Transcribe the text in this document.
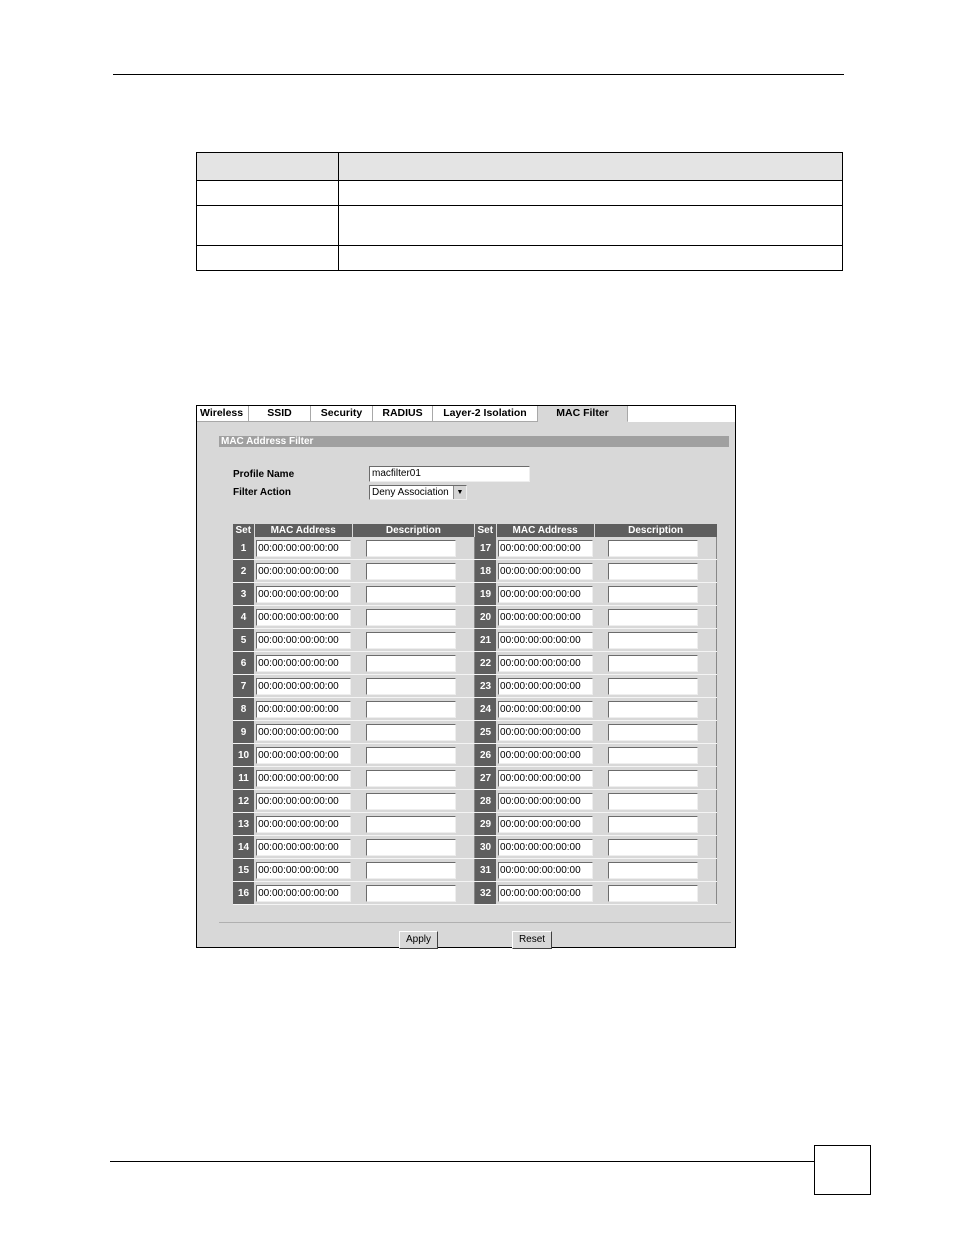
Wireless	SSID	Security	RADIUS	Layer-2 Isolation	MAC Filter
MAC Address Filter
Profile Name	macfilter01
Filter Action	Deny Association	▼
Set	MAC Address	Description	Set	MAC Address	Description
1	00:00:00:00:00:00		17	00:00:00:00:00:00	

2	00:00:00:00:00:00		18	00:00:00:00:00:00	

3	00:00:00:00:00:00		19	00:00:00:00:00:00	

4	00:00:00:00:00:00		20	00:00:00:00:00:00	

5	00:00:00:00:00:00		21	00:00:00:00:00:00	

6	00:00:00:00:00:00		22	00:00:00:00:00:00	

7	00:00:00:00:00:00		23	00:00:00:00:00:00	

8	00:00:00:00:00:00		24	00:00:00:00:00:00	

9	00:00:00:00:00:00		25	00:00:00:00:00:00	

10	00:00:00:00:00:00		26	00:00:00:00:00:00	

11	00:00:00:00:00:00		27	00:00:00:00:00:00	

12	00:00:00:00:00:00		28	00:00:00:00:00:00	

13	00:00:00:00:00:00		29	00:00:00:00:00:00	

14	00:00:00:00:00:00		30	00:00:00:00:00:00	

15	00:00:00:00:00:00		31	00:00:00:00:00:00	

16	00:00:00:00:00:00		32	00:00:00:00:00:00	

Apply	Reset
